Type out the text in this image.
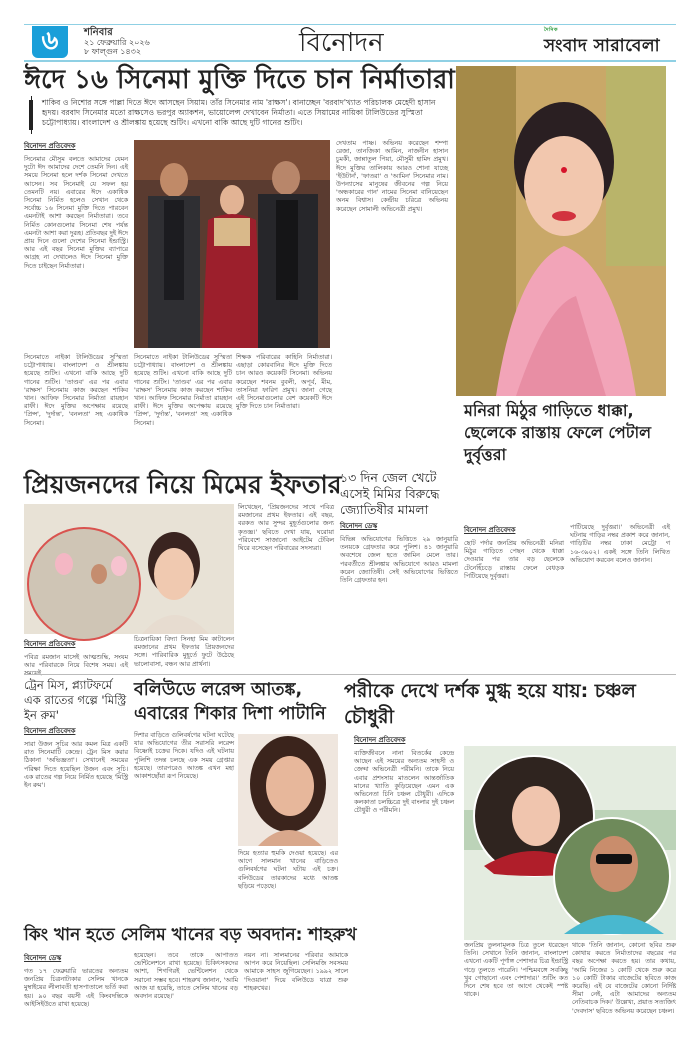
৬	শনিবার
২১ ফেব্রুয়ারি ২০২৬
৮ ফাল্গুন ১৪৩২	বিনোদন	দৈনিক
সংবাদ সারাবেলা
ঈদে ১৬ সিনেমা মুক্তি দিতে চান নির্মাতারা
শাকিব ও নিশোর সঙ্গে পাল্লা দিতে ঈদে আসছেন সিয়াম। তাঁর সিনেমার নাম 'রাক্ষস'। বানাচ্ছেন 'বরবাদ'খ্যাত পরিচালক মেহেদী হাসান হৃদয়। বরবাদ সিনেমার মতো রাক্ষসেও ভরপুর অ্যাকশন, ভায়োলেন্স দেখাবেন নির্মাতা। এতে সিয়ামের নায়িকা টালিউডের সুস্মিতা চট্টোপাধ্যায়। বাংলাদেশ ও শ্রীলঙ্কায় হয়েছে শুটিং। এখনো বাকি আছে দুটি গানের শুটিং।
বিনোদন প্রতিবেদক
সিনেমার মৌসুম বলতে আমাদের যেমন দুটো ঈদ আমাদের দেশে তেমনি দিন। এই সময়ে সিনেমা হলে দর্শক সিনেমা দেখতে আসেন। সব সিনেমাই যে সফল হয় তেমনটি নয়। এবারের ঈদে একাধিক সিনেমা নির্মিত হলেও সেখান থেকে সর্বোচ্চ ১৬ সিনেমা মুক্তি দিতে পারবেন এমনটাই আশা করছেন নির্মাতারা। তবে নির্মিত কোনগুলোর সিনেমা শেষ পর্যন্ত এমনটা আশা করা দুরূহ। প্রতিবছর দুই ঈদে প্রায় দিনে গুলো দেশের সিনেমা ইন্ডাস্ট্রি। আর এই বছর সিনেমা মুক্তির ব্যাপারে আগ্রহ না দেখালেও ঈদে সিনেমা মুক্তি দিতে চাইছেন নির্মাতারা।
দেখতাম পাষ্ণ। অভিনয় করেছেন শম্পা রেজা, তানজিকা আমিন, নাজনীন হাসান চুমকী, জান্নাতুল পিয়া, মৌসুমী হামিদ প্রমুখ। ঈদে মুক্তির তালিকায় আরও শোনা যাচ্ছে 'ইউটার্ন', 'ফাতরা' ও 'আমিন' সিনেমার নাম। উপন্যাসের মানুষের জীবনের গল্প নিয়ে 'অন্ধকারের গান' নামের সিনেমা বানিয়েছেন অনম বিশ্বাস। কেন্দ্রীয় চরিত্রে অভিনয় করেছেন সোমালী অভিনেত্রী প্রমুখ।
সিনেমাতে নাইকা টালিউডের সুস্মিতা চট্টোপাধ্যায়। বাংলাদেশ ও শ্রীলঙ্কায় হয়েছে শুটিং। এখনো বাকি আছে দুটি গানের শুটিং। 'তাণ্ডব' এর পর এবার 'রাক্ষস' সিনেমায় কাজ করছেন শাকিব খান। আফিফ সিনেমার নির্মাতা রায়হান রাফী। ঈদে মুক্তির অপেক্ষায় রয়েছে 'প্রিন্স', 'দুর্দান্ত', 'বনলতা' সহ একাধিক সিনেমা।
শিক্ষক পরিবারের কাহিনি নির্মাতারা। এছাড়া কোরবানির ঈদে মুক্তি দিতে চান আরও কয়েকটি সিনেমা। অভিনয় করেছেন শবনম বুবলী, অপূর্ব, মীম, তাসনিয়া ফারিণ প্রমুখ। জানা গেছে এই সিনেমাগুলোর বেশ কয়েকটি ঈদে মুক্তি দিতে চান নির্মাতারা।
সিনেমাতে নাইকা টালিউডের সুস্মিতা চট্টোপাধ্যায়। বাংলাদেশ ও শ্রীলঙ্কায় হয়েছে শুটিং। এখনো বাকি আছে দুটি গানের শুটিং। 'তাণ্ডব' এর পর এবার 'রাক্ষস' সিনেমায় কাজ করছেন শাকিব খান। আফিফ সিনেমার নির্মাতা রায়হান রাফী। ঈদে মুক্তির অপেক্ষায় রয়েছে 'প্রিন্স', 'দুর্দান্ত', 'বনলতা' সহ একাধিক সিনেমা।
প্রিয়জনদের নিয়ে মিমের ইফতার
বিনোদন প্রতিবেদক
পবিত্র রমজান মাসেই আত্মশুদ্ধি, সংযম আর পরিবারকে নিয়ে বিশেষ সময়। এই
চিত্রনায়িকা বিদ্যা সিনহা মিম কাটালেন রমজানের প্রথম ইফতার প্রিয়জনদের সঙ্গে। পারিবারিক মুহূর্তে ফুটে উঠেছে ভালোবাসা, বন্ধন আর প্রার্থনা।
লিখেছেন, 'প্রিয়জনদের সাথে পবিত্র রমজানের প্রথম ইফতার। এই বছর, বরকত আর সুন্দর মুহূর্তগুলোর জন্য কৃতজ্ঞ।' ছবিতে দেখা যায়, ঘরোয়া পরিবেশে সাজানো আইটেম টেবিল ঘিরে বসেছেন পরিবারের সদস্যরা।
১৩ দিন জেল খেটে এসেই মিমির বিরুদ্ধে জ্যোতিষীর মামলা
বিনোদন ডেস্ক
বিভিন্ন অভিযোগের ভিত্তিতে ২৯ জানুয়ারি তনয়কে গ্রেফতার করে পুলিশ। ৪১ জানুয়ারি অবশেষে জেল হতে জামিন মেলে তার। পরবর্তীতে শ্রীলঙ্কায় অভিযোগে আরও মামলা করেন জ্যোতিষী। সেই অভিযোগের ভিত্তিতে তিনি গ্রেফতার হন।
মনিরা মিঠুর গাড়িতে ধাক্কা, ছেলেকে রাস্তায় ফেলে পেটাল দুর্বৃত্তরা
বিনোদন প্রতিবেদক
ছোট পর্দার জনপ্রিয় অভিনেত্রী মনিরা মিঠুর গাড়িতে পেছন থেকে ধাক্কা দেওয়ার পর তার বড় ছেলেকে টেনেহিঁচড়ে রাস্তায় ফেলে বেধড়ক পিটিয়েছে দুর্বৃত্তরা।
পাটিয়েছে দুর্বৃত্তরা।' অভিনেত্রী এই ঘটনায় গাড়ির নম্বর প্রকাশ করে জানান, গাড়িটির নম্বর ঢাকা মেট্রো গ ১৬-৩৯০২। একই সঙ্গে তিনি লিখিত অভিযোগ করবেন বলেও জানান।
ট্রেন মিস, প্ল্যাটফর্মে এক রাতের গল্পে 'মিস্ট্রি ইন রুম'
বিনোদন প্রতিবেদক
সারা উজন সূচির আর কমল মিত্র একটি রাত সিনেমাটি কেন্দ্রে। ট্রেন মিস করার ঠিকানা 'অভিজ্ঞতা'। সেখানেই সময়ের পরিক্ষা দিতে হয়েছিল উজন এবং সূচি। এক রাতের গল্প নিয়ে নির্মিত হয়েছে 'মিস্ট্রি ইন রুম'।
বলিউডে লরেন্স আতঙ্ক, এবারের শিকার দিশা পাটানি
দিশার বাড়িতে গুলিবর্ষণের ঘটনা ঘটেছে যার অভিযোগের তীর সরাসরি লরেন্স বিষ্ণোই চক্রের দিকে। যদিও এই ঘটনায় পুলিশি তদন্ত চলছে এক সময় গ্রেপ্তার হয়েছে। তারপরেও আতঙ্ক এখন মহা আকাশছোঁয়া রূপ নিয়েছে।
দিয়ে হত্যার হুমকি দেওয়া হয়েছে। এর আগে সালমান খানের বাড়িতেও গুলিবর্ষণের ঘটনা ঘটায় এই চক্র। বলিউডের তারকাদের মধ্যে আতঙ্ক ছড়িয়ে পড়েছে।
পরীকে দেখে দর্শক মুগ্ধ হয়ে যায়: চঞ্চল চৌধুরী
বিনোদন প্রতিবেদক
ব্যক্তিজীবনে নানা বিতর্কের কেন্দ্রে আছেন এই সময়ের অন্যতম সাহসী ও জেদ্দা অভিনেত্রী পরীমনি। তাকে নিয়ে এবার প্রশংসায় মাতলেন আন্তর্জাতিক মানের খ্যাতি কুড়িয়েছেন এমন এক অভিনেতা চিনি চঞ্চল চৌধুরী। এদিকে কলকাতা চলচ্চিত্রে দুই বাংলার দুই চঞ্চল চৌধুরী ও পরীমনি।
জনপ্রিয় তুলনামূলক চিত্র তুলে ধরেছেন তিনি। সেখানে তিনি জানান, বাংলাদেশ এখনো একটি পূর্ণাঙ্গ পেশাদার চিত্র ইন্ডাস্ট্রি গড়ে তুলতে পারেনি। 'পশ্চিমবঙ্গে সবকিছু খুব গোছানো এবং পেশাদার।' শুটিং কত দিনে শেষ হবে তা আগে থেকেই স্পষ্ট থাকে।
থাকে 'তিনি জানান, কোনো ছবির শুরু কোথায় করতে নির্মাতাদের বছরের পর বছর অপেক্ষা করতে হয়। তার কথায়, 'আমি নিজের ১ কোটি থেকে শুরু করে ১০ কোটি টাকার বাজেটের ছবিতে কাজ করেছি। এই যে বাজেটের কোনো নির্দিষ্ট সীমা নেই, এটা আমাদের অন্যতম নেতিবাচক দিক।' উল্লেখ্য, প্রয়াত সত্যজিৎ 'দেবদাস' ছবিতে অভিনয় করেছেন চঞ্চল।
কিং খান হতে সেলিম খানের বড় অবদান: শাহরুখ
বিনোদন ডেস্ক
গত ১৭ ফেব্রুয়ারি ভারতের অন্যতম জনপ্রিয় চিত্রনাট্যকার সেলিম খানকে মুম্বাইয়ের লীলাবতী হাসপাতালে ভর্তি করা হয়। ৯০ বছর বয়সী এই কিংবদন্তিকে আইসিইউতে রাখা হয়েছে।
হয়েছেন। তবে তাকে আপাতত ভেন্টিলেশনে রাখা হয়েছে। চিকিৎসকদের আশা, শিগগিরই ভেন্টিলেশন থেকে সরানো সম্ভব হবে। শাহরুখ জানান, 'আমি আজ যা হয়েছি, তাতে সেলিম খানের বড় অবদান রয়েছে।'
নয়ন না। সালমানের পরিবার আমাকে আপন করে নিয়েছিল। সেলিমজি সবসময় আমাকে সাহস জুগিয়েছেন। ১৯৯২ সালে 'দিওয়ানা' দিয়ে বলিউডে যাত্রা শুরু শাহরুখের।
